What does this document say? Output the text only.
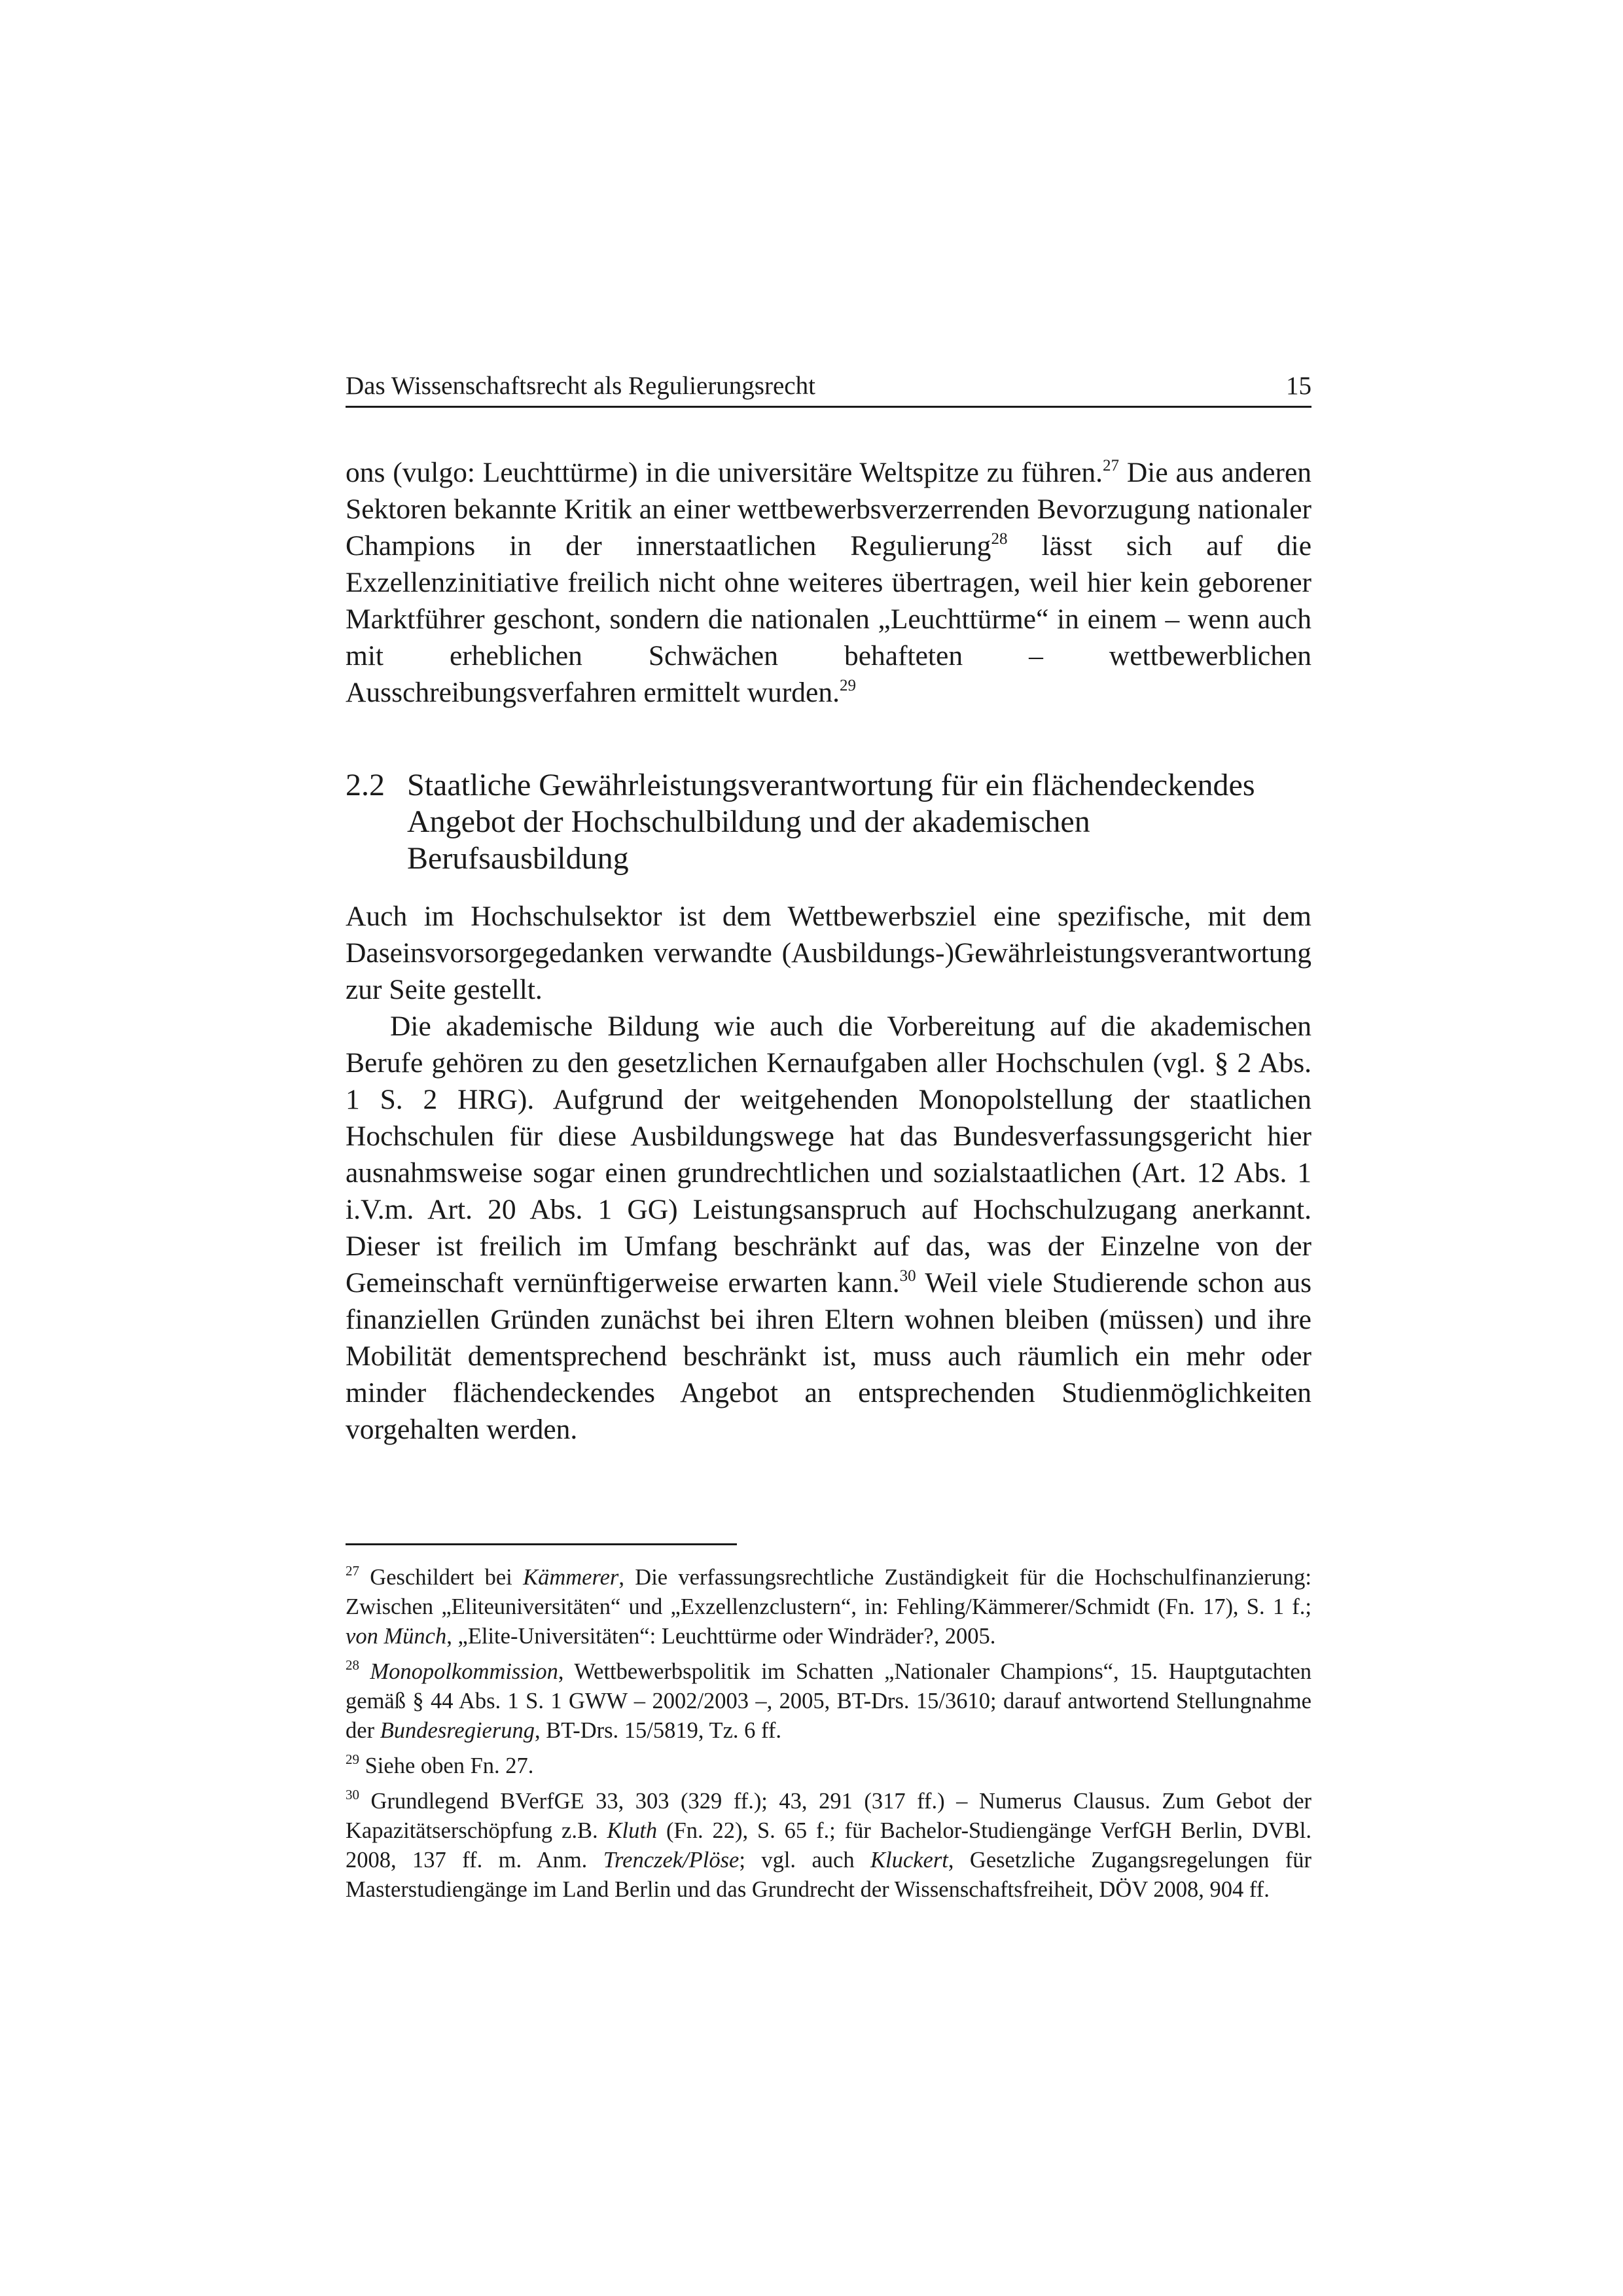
Das Wissenschaftsrecht als Regulierungsrecht	15

ons (vulgo: Leuchttürme) in die universitäre Weltspitze zu führen.$^{27}$ Die aus anderen Sektoren bekannte Kritik an einer wettbewerbsverzerrenden Bevorzugung nationaler Champions in der innerstaatlichen Regulierung$^{28}$ lässt sich auf die Exzellenzinitiative freilich nicht ohne weiteres übertragen, weil hier kein geborener Marktführer geschont, sondern die nationalen „Leuchttürme“ in einem – wenn auch mit erheblichen Schwächen behafteten – wettbewerblichen Ausschreibungsverfahren ermittelt wurden.$^{29}$

2.2 Staatliche Gewährleistungsverantwortung für ein flächendeckendes Angebot der Hochschulbildung und der akademischen Berufsausbildung

Auch im Hochschulsektor ist dem Wettbewerbsziel eine spezifische, mit dem Daseinsvorsorgegedanken verwandte (Ausbildungs-)Gewährleistungsverantwortung zur Seite gestellt.

Die akademische Bildung wie auch die Vorbereitung auf die akademischen Berufe gehören zu den gesetzlichen Kernaufgaben aller Hochschulen (vgl. § 2 Abs. 1 S. 2 HRG). Aufgrund der weitgehenden Monopolstellung der staatlichen Hochschulen für diese Ausbildungswege hat das Bundesverfassungsgericht hier ausnahmsweise sogar einen grundrechtlichen und sozialstaatlichen (Art. 12 Abs. 1 i.V.m. Art. 20 Abs. 1 GG) Leistungsanspruch auf Hochschulzugang anerkannt. Dieser ist freilich im Umfang beschränkt auf das, was der Einzelne von der Gemeinschaft vernünftigerweise erwarten kann.$^{30}$ Weil viele Studierende schon aus finanziellen Gründen zunächst bei ihren Eltern wohnen bleiben (müssen) und ihre Mobilität dementsprechend beschränkt ist, muss auch räumlich ein mehr oder minder flächendeckendes Angebot an entsprechenden Studienmöglichkeiten vorgehalten werden.

$^{27}$ Geschildert bei Kämmerer, Die verfassungsrechtliche Zuständigkeit für die Hochschulfinanzierung: Zwischen „Eliteuniversitäten“ und „Exzellenzclustern“, in: Fehling/Kämmerer/Schmidt (Fn. 17), S. 1 f.; von Münch, „Elite-Universitäten“: Leuchttürme oder Windräder?, 2005.

$^{28}$ Monopolkommission, Wettbewerbspolitik im Schatten „Nationaler Champions“, 15. Hauptgutachten gemäß § 44 Abs. 1 S. 1 GWW – 2002/2003 –, 2005, BT-Drs. 15/3610; darauf antwortend Stellungnahme der Bundesregierung, BT-Drs. 15/5819, Tz. 6 ff.

$^{29}$ Siehe oben Fn. 27.

$^{30}$ Grundlegend BVerfGE 33, 303 (329 ff.); 43, 291 (317 ff.) – Numerus Clausus. Zum Gebot der Kapazitätserschöpfung z.B. Kluth (Fn. 22), S. 65 f.; für Bachelor-Studiengänge VerfGH Berlin, DVBl. 2008, 137 ff. m. Anm. Trenczek/Plöse; vgl. auch Kluckert, Gesetzliche Zugangsregelungen für Masterstudiengänge im Land Berlin und das Grundrecht der Wissenschaftsfreiheit, DÖV 2008, 904 ff.
